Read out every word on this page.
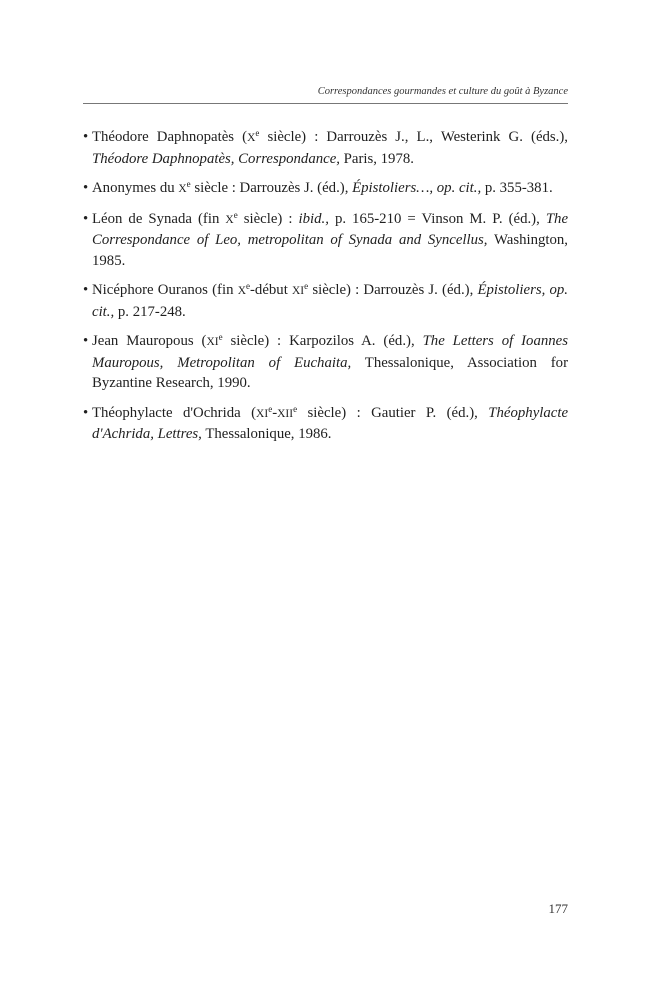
Correspondances gourmandes et culture du goût à Byzance
• Théodore Daphnopatès (Xe siècle) : Darrouzès J., L., Westerink G. (éds.), Théodore Daphnopatès, Correspondance, Paris, 1978.
• Anonymes du Xe siècle : Darrouzès J. (éd.), Épistoliers…, op. cit., p. 355-381.
• Léon de Synada (fin Xe siècle) : ibid., p. 165-210 = Vinson M. P. (éd.), The Correspondance of Leo, metropolitan of Synada and Syncellus, Washington, 1985.
• Nicéphore Ouranos (fin Xe-début XIe siècle) : Darrouzès J. (éd.), Épistoliers, op. cit., p. 217-248.
• Jean Mauropous (XIe siècle) : Karpozilos A. (éd.), The Letters of Ioannes Mauropous, Metropolitan of Euchaita, Thessalonique, Association for Byzantine Research, 1990.
• Théophylacte d'Ochrida (XIe-XIIe siècle) : Gautier P. (éd.), Théophylacte d'Achrida, Lettres, Thessalonique, 1986.
177
